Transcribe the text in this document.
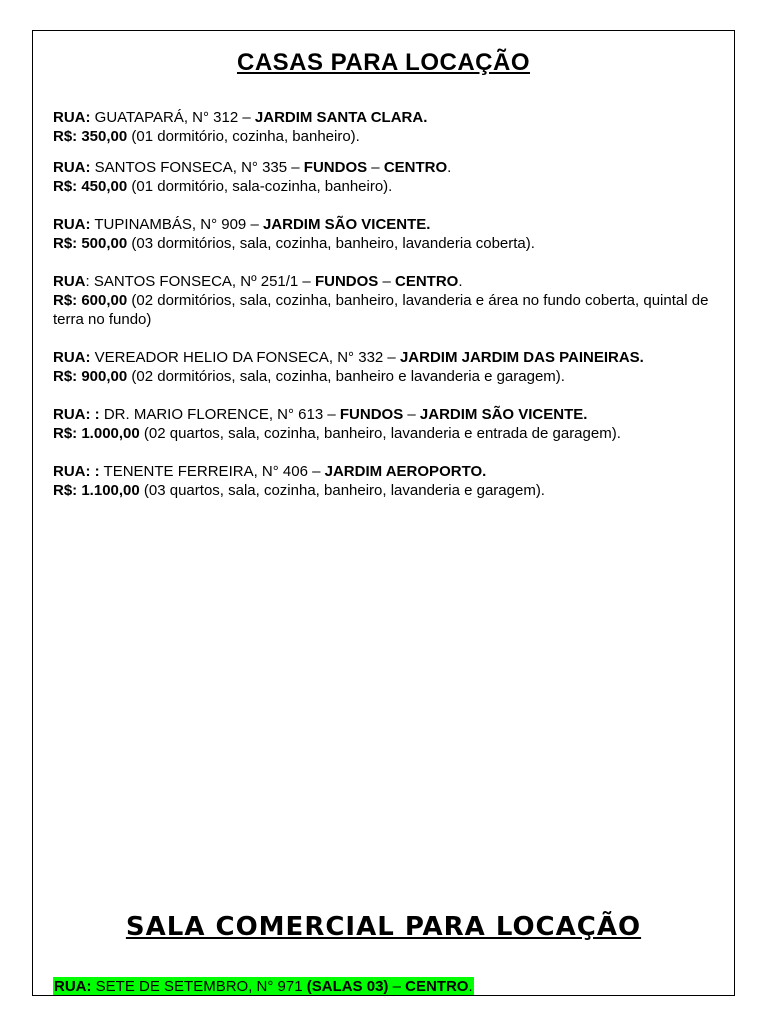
CASAS PARA LOCAÇÃO

RUA: GUATAPARÁ, N° 312 – JARDIM SANTA CLARA.

R$: 350,00 (01 dormitório, cozinha, banheiro).

RUA: SANTOS FONSECA, N° 335 – FUNDOS – CENTRO.

R$: 450,00 (01 dormitório, sala-cozinha, banheiro).

RUA: TUPINAMBÁS, N° 909 – JARDIM SÃO VICENTE.

R$: 500,00 (03 dormitórios, sala, cozinha, banheiro, lavanderia coberta).

RUA: SANTOS FONSECA, Nº 251/1 – FUNDOS – CENTRO.

R$: 600,00 (02 dormitórios, sala, cozinha, banheiro, lavanderia e área no fundo coberta, quintal de terra no fundo)

RUA: VEREADOR HELIO DA FONSECA, N° 332 – JARDIM JARDIM DAS PAINEIRAS.

R$: 900,00 (02 dormitórios, sala, cozinha, banheiro e lavanderia e garagem).

RUA: : DR. MARIO FLORENCE, N° 613 – FUNDOS – JARDIM SÃO VICENTE.

R$: 1.000,00 (02 quartos, sala, cozinha, banheiro, lavanderia e entrada de garagem).

RUA: : TENENTE FERREIRA, N° 406 – JARDIM AEROPORTO.

R$: 1.100,00 (03 quartos, sala, cozinha, banheiro, lavanderia e garagem).

SALA COMERCIAL PARA LOCAÇÃO
RUA: SETE DE SETEMBRO, N° 971 (SALAS 03) – CENTRO.
